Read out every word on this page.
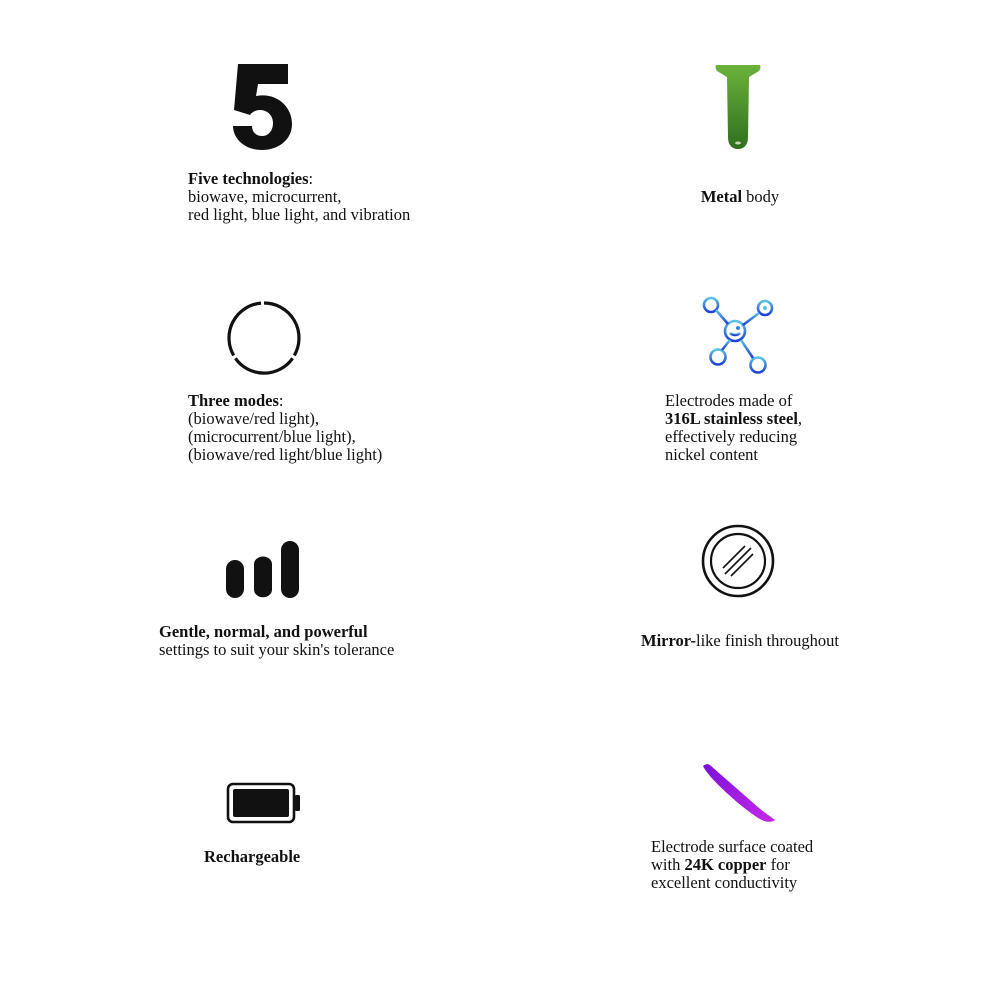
Five technologies:
biowave, microcurrent,
red light, blue light, and vibration
Metal body
Three modes:
(biowave/red light),
(microcurrent/blue light),
(biowave/red light/blue light)
Electrodes made of
316L stainless steel,
effectively reducing
nickel content
Gentle, normal, and powerful
settings to suit your skin's tolerance	Mirror-like finish throughout
Rechargeable
Electrode surface coated
with 24K copper for
excellent conductivity
